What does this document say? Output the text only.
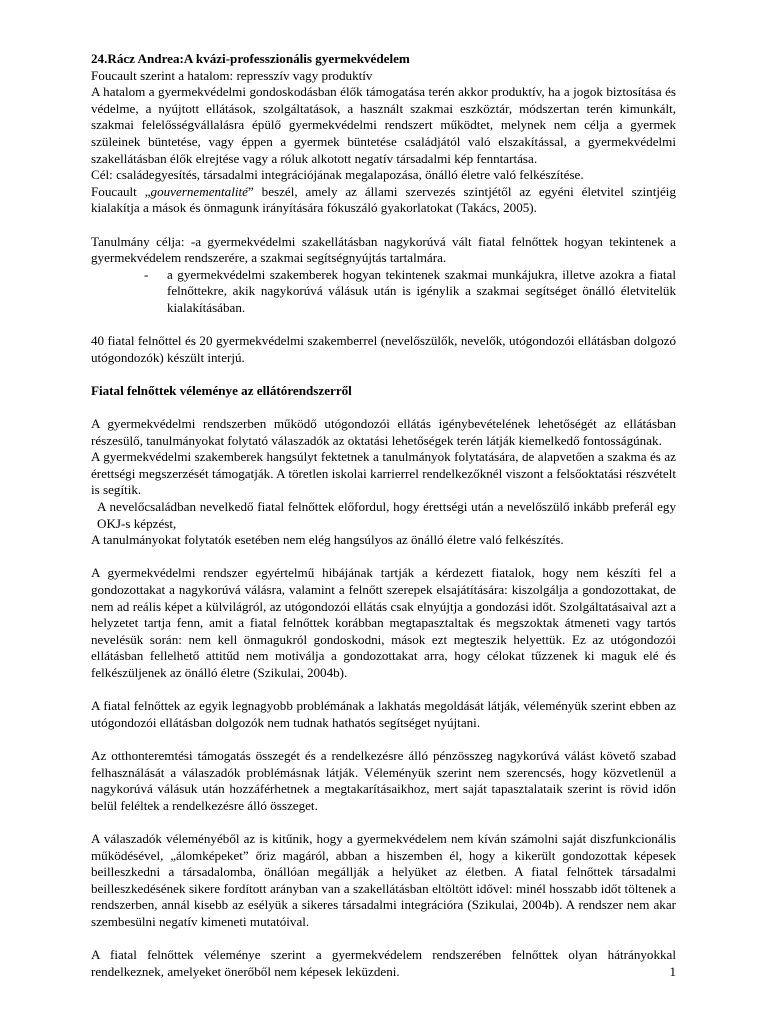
24.Rácz Andrea:A kvázi-professzionális gyermekvédelem

Foucault szerint a hatalom: represszív vagy produktív

A hatalom a gyermekvédelmi gondoskodásban élők támogatása terén akkor produktív, ha a jogok biztosítása és védelme, a nyújtott ellátások, szolgáltatások, a használt szakmai eszköztár, módszertan terén kimunkált, szakmai felelősségvállalásra épülő gyermekvédelmi rendszert működtet, melynek nem célja a gyermek szüleinek büntetése, vagy éppen a gyermek büntetése családjától való elszakítással, a gyermekvédelmi szakellátásban élők elrejtése vagy a róluk alkotott negatív társadalmi kép fenntartása.

Cél: családegyesítés, társadalmi integrációjának megalapozása, önálló életre való felkészítése.

Foucault „gouvernementalité” beszél, amely az állami szervezés szintjétől az egyéni életvitel szintjéig kialakítja a mások és önmagunk irányítására fókuszáló gyakorlatokat (Takács, 2005).

Tanulmány célja: -a gyermekvédelmi szakellátásban nagykorúvá vált fiatal felnőttek hogyan tekintenek a gyermekvédelem rendszerére, a szakmai segítségnyújtás tartalmára.

-	a gyermekvédelmi szakemberek hogyan tekintenek szakmai munkájukra, illetve azokra a fiatal felnőttekre, akik nagykorúvá válásuk után is igénylik a szakmai segítséget önálló életvitelük kialakításában.

40 fiatal felnőttel és 20 gyermekvédelmi szakemberrel (nevelőszülők, nevelők, utógondozói ellátásban dolgozó utógondozók) készült interjú.

Fiatal felnőttek véleménye az ellátórendszerről

A gyermekvédelmi rendszerben működő utógondozói ellátás igénybevételének lehetőségét az ellátásban részesülő, tanulmányokat folytató válaszadók az oktatási lehetőségek terén látják kiemelkedő fontosságúnak.

A gyermekvédelmi szakemberek hangsúlyt fektetnek a tanulmányok folytatására, de alapvetően a szakma és az érettségi megszerzését támogatják. A töretlen iskolai karrierrel rendelkezőknél viszont a felsőoktatási részvételt is segítik.

A nevelőcsaládban nevelkedő fiatal felnőttek előfordul, hogy érettségi után a nevelőszülő inkább preferál egy OKJ-s képzést,

A tanulmányokat folytatók esetében nem elég hangsúlyos az önálló életre való felkészítés.

A gyermekvédelmi rendszer egyértelmű hibájának tartják a kérdezett fiatalok, hogy nem készíti fel a gondozottakat a nagykorúvá válásra, valamint a felnőtt szerepek elsajátítására: kiszolgálja a gondozottakat, de nem ad reális képet a külvilágról, az utógondozói ellátás csak elnyújtja a gondozási időt. Szolgáltatásaival azt a helyzetet tartja fenn, amit a fiatal felnőttek korábban megtapasztaltak és megszoktak átmeneti vagy tartós nevelésük során: nem kell önmagukról gondoskodni, mások ezt megteszik helyettük. Ez az utógondozói ellátásban fellelhető attitűd nem motiválja a gondozottakat arra, hogy célokat tűzzenek ki maguk elé és felkészüljenek az önálló életre (Szikulai, 2004b).

A fiatal felnőttek az egyik legnagyobb problémának a lakhatás megoldását látják, véleményük szerint ebben az utógondozói ellátásban dolgozók nem tudnak hathatós segítséget nyújtani.

Az otthonteremtési támogatás összegét és a rendelkezésre álló pénzösszeg nagykorúvá válást követő szabad felhasználását a válaszadók problémásnak látják. Véleményük szerint nem szerencsés, hogy közvetlenül a nagykorúvá válásuk után hozzáférhetnek a megtakarításaikhoz, mert saját tapasztalataik szerint is rövid időn belül feléltek a rendelkezésre álló összeget.

A válaszadók véleményéből az is kitűnik, hogy a gyermekvédelem nem kíván számolni saját diszfunkcionális működésével, „álomképeket” őriz magáról, abban a hiszemben él, hogy a kikerült gondozottak képesek beilleszkedni a társadalomba, önállóan megállják a helyüket az életben. A fiatal felnőttek társadalmi beilleszkedésének sikere fordított arányban van a szakellátásban eltöltött idővel: minél hosszabb időt töltenek a rendszerben, annál kisebb az esélyük a sikeres társadalmi integrációra (Szikulai, 2004b). A rendszer nem akar szembesülni negatív kimeneti mutatóival.

A fiatal felnőttek véleménye szerint a gyermekvédelem rendszerében felnőttek olyan hátrányokkal rendelkeznek, amelyeket önerőből nem képesek leküzdeni.	1
